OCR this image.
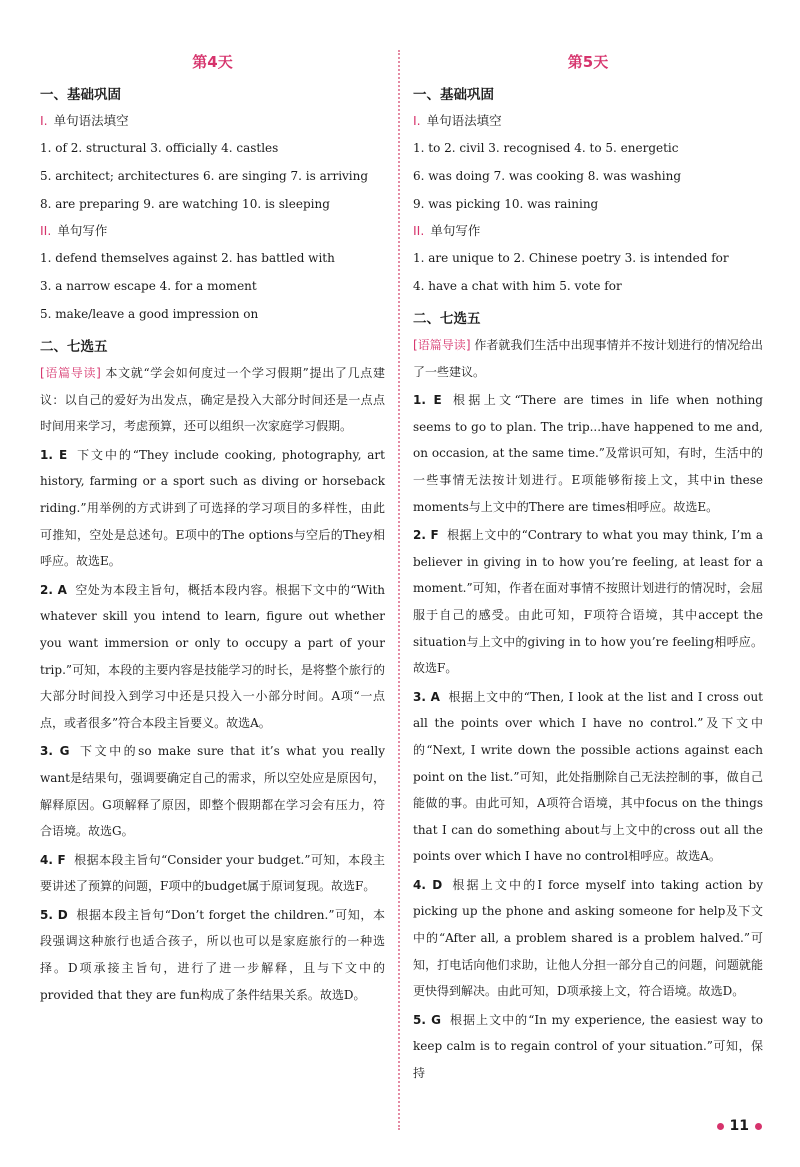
第4天
一、基础巩固
I. 单句语法填空
1. of 2. structural 3. officially 4. castles
5. architect; architectures 6. are singing 7. is arriving
8. are preparing 9. are watching 10. is sleeping
II. 单句写作
1. defend themselves against 2. has battled with
3. a narrow escape 4. for a moment
5. make/leave a good impression on
二、七选五

[语篇导读] 本文就“学会如何度过一个学习假期”提出了几点建议：以自己的爱好为出发点，确定是投入大部分时间还是一点点时间用来学习，考虑预算，还可以组织一次家庭学习假期。

1. E 下文中的“They include cooking, photography, art history, farming or a sport such as diving or horseback riding.”用举例的方式讲到了可选择的学习项目的多样性，由此可推知，空处是总述句。E项中的The options与空后的They相呼应。故选E。

2. A 空处为本段主旨句，概括本段内容。根据下文中的“With whatever skill you intend to learn, figure out whether you want immersion or only to occupy a part of your trip.”可知，本段的主要内容是技能学习的时长，是将整个旅行的大部分时间投入到学习中还是只投入一小部分时间。A项“一点点，或者很多”符合本段主旨要义。故选A。

3. G 下文中的so make sure that it’s what you really want是结果句，强调要确定自己的需求，所以空处应是原因句，解释原因。G项解释了原因，即整个假期都在学习会有压力，符合语境。故选G。

4. F 根据本段主旨句“Consider your budget.”可知，本段主要讲述了预算的问题，F项中的budget属于原词复现。故选F。

5. D 根据本段主旨句“Don’t forget the children.”可知，本段强调这种旅行也适合孩子，所以也可以是家庭旅行的一种选择。D项承接主旨句，进行了进一步解释，且与下文中的provided that they are fun构成了条件结果关系。故选D。

第5天
一、基础巩固
I. 单句语法填空
1. to 2. civil 3. recognised 4. to 5. energetic
6. was doing 7. was cooking 8. was washing
9. was picking 10. was raining
II. 单句写作
1. are unique to 2. Chinese poetry 3. is intended for
4. have a chat with him 5. vote for
二、七选五

[语篇导读] 作者就我们生活中出现事情并不按计划进行的情况给出了一些建议。

1. E 根据上文“There are times in life when nothing seems to go to plan. The trip...have happened to me and, on occasion, at the same time.”及常识可知，有时，生活中的一些事情无法按计划进行。E项能够衔接上文，其中in these moments与上文中的There are times相呼应。故选E。

2. F 根据上文中的“Contrary to what you may think, I’m a believer in giving in to how you’re feeling, at least for a moment.”可知，作者在面对事情不按照计划进行的情况时，会屈服于自己的感受。由此可知，F项符合语境，其中accept the situation与上文中的giving in to how you’re feeling相呼应。故选F。

3. A 根据上文中的“Then, I look at the list and I cross out all the points over which I have no control.”及下文中的“Next, I write down the possible actions against each point on the list.”可知，此处指删除自己无法控制的事，做自己能做的事。由此可知，A项符合语境，其中focus on the things that I can do something about与上文中的cross out all the points over which I have no control相呼应。故选A。

4. D 根据上文中的I force myself into taking action by picking up the phone and asking someone for help及下文中的“After all, a problem shared is a problem halved.”可知，打电话向他们求助，让他人分担一部分自己的问题，问题就能更快得到解决。由此可知，D项承接上文，符合语境。故选D。

5. G 根据上文中的“In my experience, the easiest way to keep calm is to regain control of your situation.”可知，保持

11
